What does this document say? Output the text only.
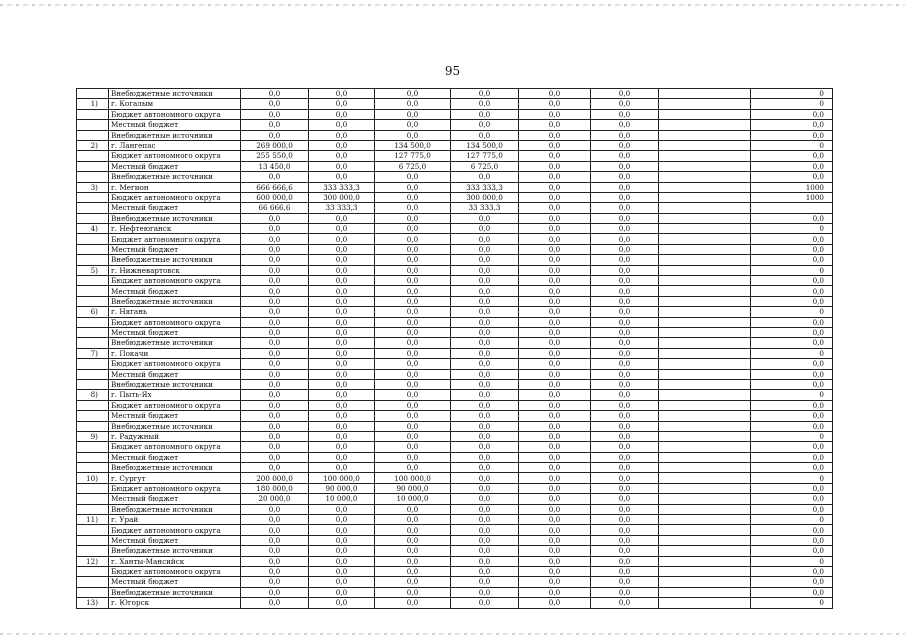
95
	Внебюджетные источники	0,0	0,0	0,0	0,0	0,0	0,0		0
1)	г. Когалым	0,0	0,0	0,0	0,0	0,0	0,0		0
	Бюджет автономного округа	0,0	0,0	0,0	0,0	0,0	0,0		0,0
	Местный бюджет	0,0	0,0	0,0	0,0	0,0	0,0		0,0
	Внебюджетные источники	0,0	0,0	0,0	0,0	0,0	0,0		0,0
2)	г. Лангепас	269 000,0	0,0	134 500,0	134 500,0	0,0	0,0		0
	Бюджет автономного округа	255 550,0	0,0	127 775,0	127 775,0	0,0	0,0		0,0
	Местный бюджет	13 450,0	0,0	6 725,0	6 725,0	0,0	0,0		0,0
	Внебюджетные источники	0,0	0,0	0,0	0,0	0,0	0,0		0,0
3)	г. Мегион	666 666,6	333 333,3	0,0	333 333,3	0,0	0,0		1000
	Бюджет автономного округа	600 000,0	300 000,0	0,0	300 000,0	0,0	0,0		1000
	Местный бюджет	66 666,6	33 333,3	0,0	33 333,3	0,0	0,0		
	Внебюджетные источники	0,0	0,0	0,0	0,0	0,0	0,0		0,0
4)	г. Нефтеюганск	0,0	0,0	0,0	0,0	0,0	0,0		0
	Бюджет автономного округа	0,0	0,0	0,0	0,0	0,0	0,0		0,0
	Местный бюджет	0,0	0,0	0,0	0,0	0,0	0,0		0,0
	Внебюджетные источники	0,0	0,0	0,0	0,0	0,0	0,0		0,0
5)	г. Нижневартовск	0,0	0,0	0,0	0,0	0,0	0,0		0
	Бюджет автономного округа	0,0	0,0	0,0	0,0	0,0	0,0		0,0
	Местный бюджет	0,0	0,0	0,0	0,0	0,0	0,0		0,0
	Внебюджетные источники	0,0	0,0	0,0	0,0	0,0	0,0		0,0
6)	г. Нягань	0,0	0,0	0,0	0,0	0,0	0,0		0
	Бюджет автономного округа	0,0	0,0	0,0	0,0	0,0	0,0		0,0
	Местный бюджет	0,0	0,0	0,0	0,0	0,0	0,0		0,0
	Внебюджетные источники	0,0	0,0	0,0	0,0	0,0	0,0		0,0
7)	г. Покачи	0,0	0,0	0,0	0,0	0,0	0,0		0
	Бюджет автономного округа	0,0	0,0	0,0	0,0	0,0	0,0		0,0
	Местный бюджет	0,0	0,0	0,0	0,0	0,0	0,0		0,0
	Внебюджетные источники	0,0	0,0	0,0	0,0	0,0	0,0		0,0
8)	г. Пыть-Ях	0,0	0,0	0,0	0,0	0,0	0,0		0
	Бюджет автономного округа	0,0	0,0	0,0	0,0	0,0	0,0		0,0
	Местный бюджет	0,0	0,0	0,0	0,0	0,0	0,0		0,0
	Внебюджетные источники	0,0	0,0	0,0	0,0	0,0	0,0		0,0
9)	г. Радужный	0,0	0,0	0,0	0,0	0,0	0,0		0
	Бюджет автономного округа	0,0	0,0	0,0	0,0	0,0	0,0		0,0
	Местный бюджет	0,0	0,0	0,0	0,0	0,0	0,0		0,0
	Внебюджетные источники	0,0	0,0	0,0	0,0	0,0	0,0		0,0
10)	г. Сургут	200 000,0	100 000,0	100 000,0	0,0	0,0	0,0		0
	Бюджет автономного округа	180 000,0	90 000,0	90 000,0	0,0	0,0	0,0		0,0
	Местный бюджет	20 000,0	10 000,0	10 000,0	0,0	0,0	0,0		0,0
	Внебюджетные источники	0,0	0,0	0,0	0,0	0,0	0,0		0,0
11)	г. Урай	0,0	0,0	0,0	0,0	0,0	0,0		0
	Бюджет автономного округа	0,0	0,0	0,0	0,0	0,0	0,0		0,0
	Местный бюджет	0,0	0,0	0,0	0,0	0,0	0,0		0,0
	Внебюджетные источники	0,0	0,0	0,0	0,0	0,0	0,0		0,0
12)	г. Ханты-Мансийск	0,0	0,0	0,0	0,0	0,0	0,0		0
	Бюджет автономного округа	0,0	0,0	0,0	0,0	0,0	0,0		0,0
	Местный бюджет	0,0	0,0	0,0	0,0	0,0	0,0		0,0
	Внебюджетные источники	0,0	0,0	0,0	0,0	0,0	0,0		0,0
13)	г. Югорск	0,0	0,0	0,0	0,0	0,0	0,0		0
